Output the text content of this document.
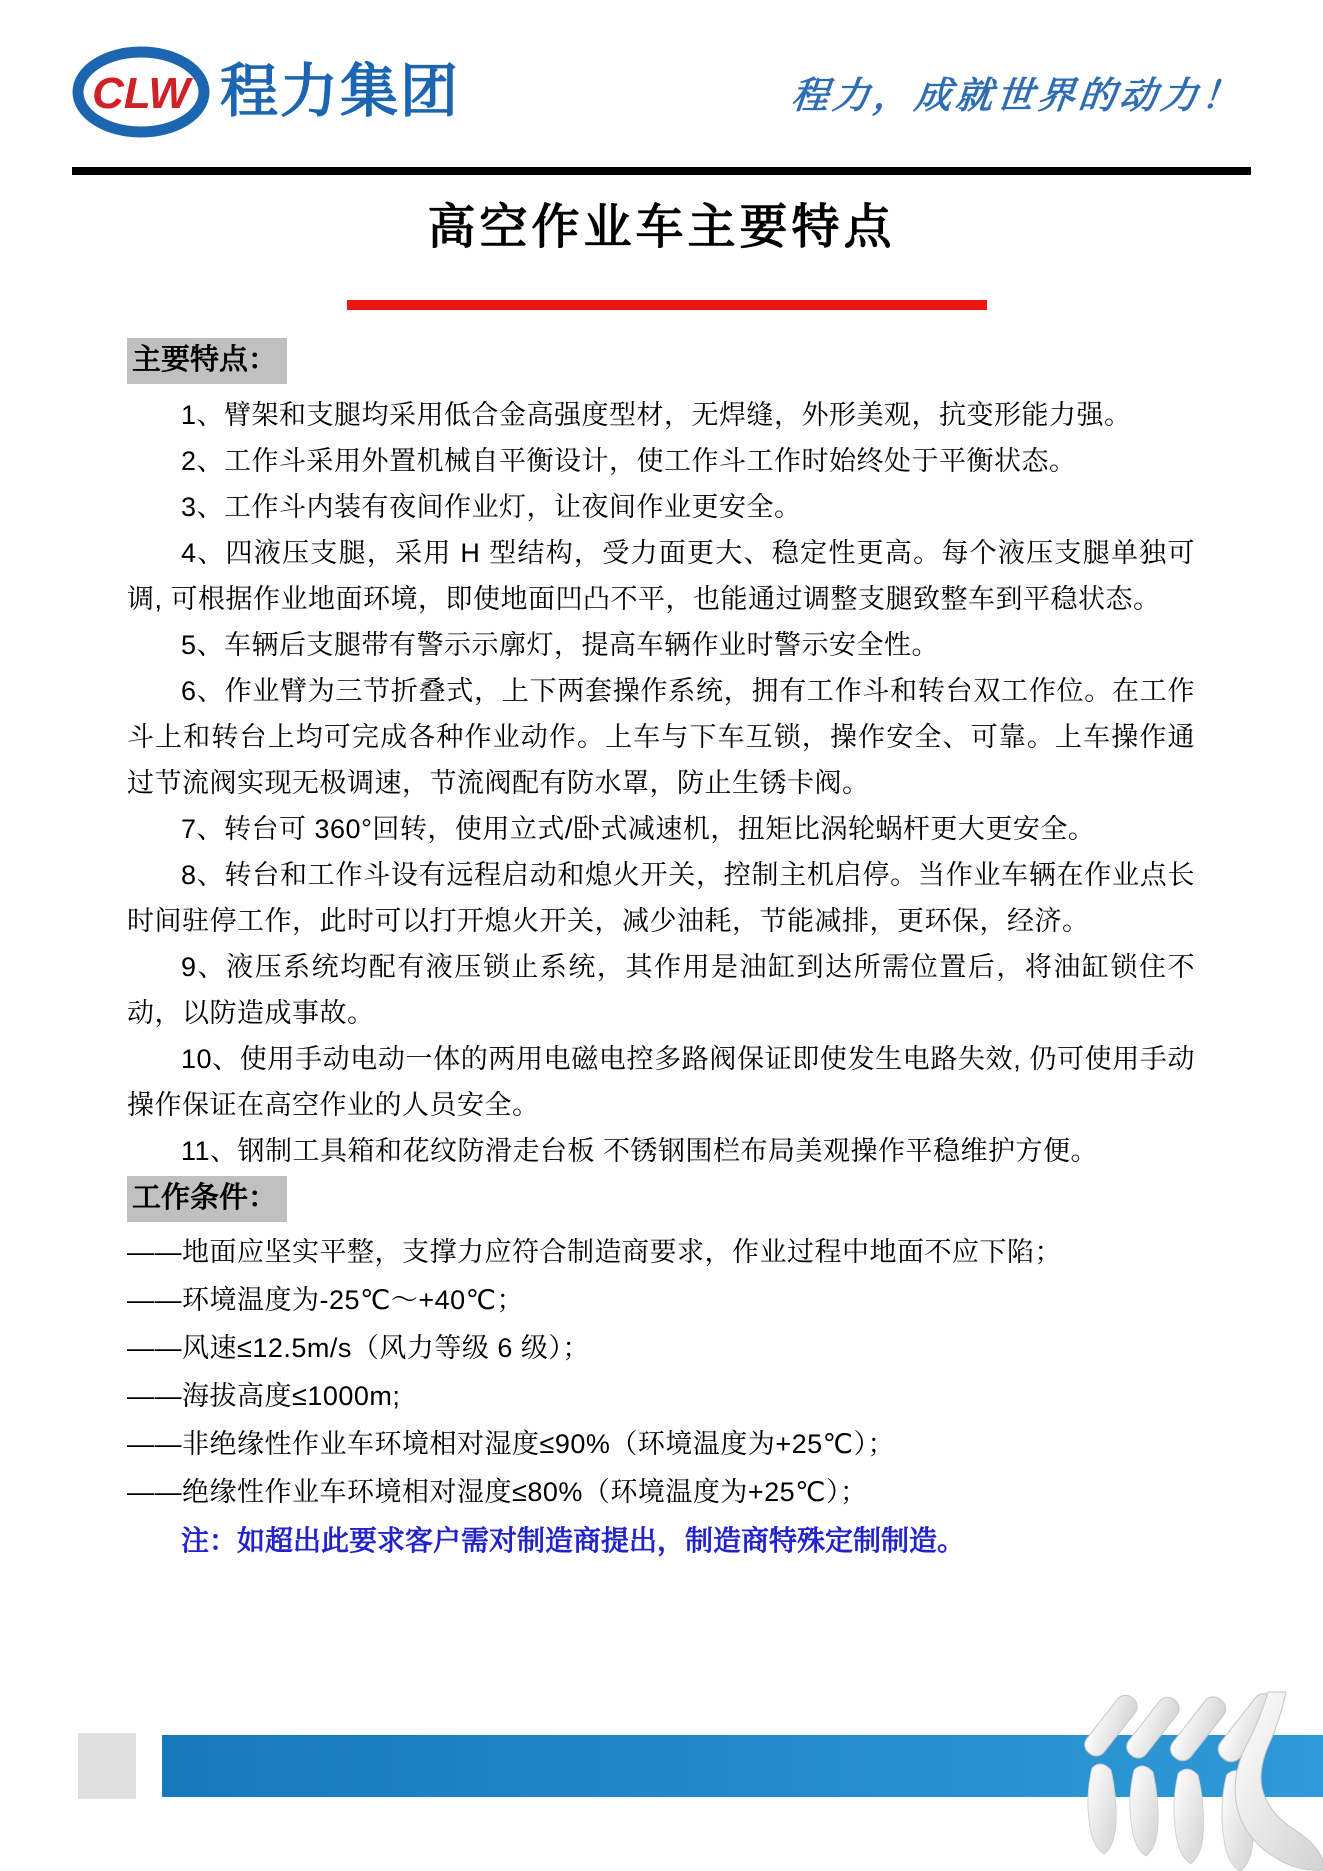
CLW 程力集团	程力，成就世界的动力！
高空作业车主要特点
主要特点：

1、臂架和支腿均采用低合金高强度型材，无焊缝，外形美观，抗变形能力强。

2、工作斗采用外置机械自平衡设计，使工作斗工作时始终处于平衡状态。

3、工作斗内装有夜间作业灯，让夜间作业更安全。

4、四液压支腿，采用 H 型结构，受力面更大、稳定性更高。每个液压支腿单独可调, 可根据作业地面环境，即使地面凹凸不平，也能通过调整支腿致整车到平稳状态。

5、车辆后支腿带有警示示廓灯，提高车辆作业时警示安全性。

6、作业臂为三节折叠式，上下两套操作系统，拥有工作斗和转台双工作位。在工作斗上和转台上均可完成各种作业动作。上车与下车互锁，操作安全、可靠。上车操作通过节流阀实现无极调速，节流阀配有防水罩，防止生锈卡阀。

7、转台可 360°回转，使用立式/卧式减速机，扭矩比涡轮蜗杆更大更安全。

8、转台和工作斗设有远程启动和熄火开关，控制主机启停。当作业车辆在作业点长时间驻停工作，此时可以打开熄火开关，减少油耗，节能减排，更环保，经济。

9、液压系统均配有液压锁止系统，其作用是油缸到达所需位置后，将油缸锁住不动，以防造成事故。

10、使用手动电动一体的两用电磁电控多路阀保证即使发生电路失效, 仍可使用手动操作保证在高空作业的人员安全。

11、钢制工具箱和花纹防滑走台板 不锈钢围栏布局美观操作平稳维护方便。

工作条件：

——地面应坚实平整，支撑力应符合制造商要求，作业过程中地面不应下陷；

——环境温度为-25℃～+40℃；

——风速≤12.5m/s（风力等级 6 级）；

——海拔高度≤1000m;

——非绝缘性作业车环境相对湿度≤90%（环境温度为+25℃）；

——绝缘性作业车环境相对湿度≤80%（环境温度为+25℃）；

注：如超出此要求客户需对制造商提出，制造商特殊定制制造。
